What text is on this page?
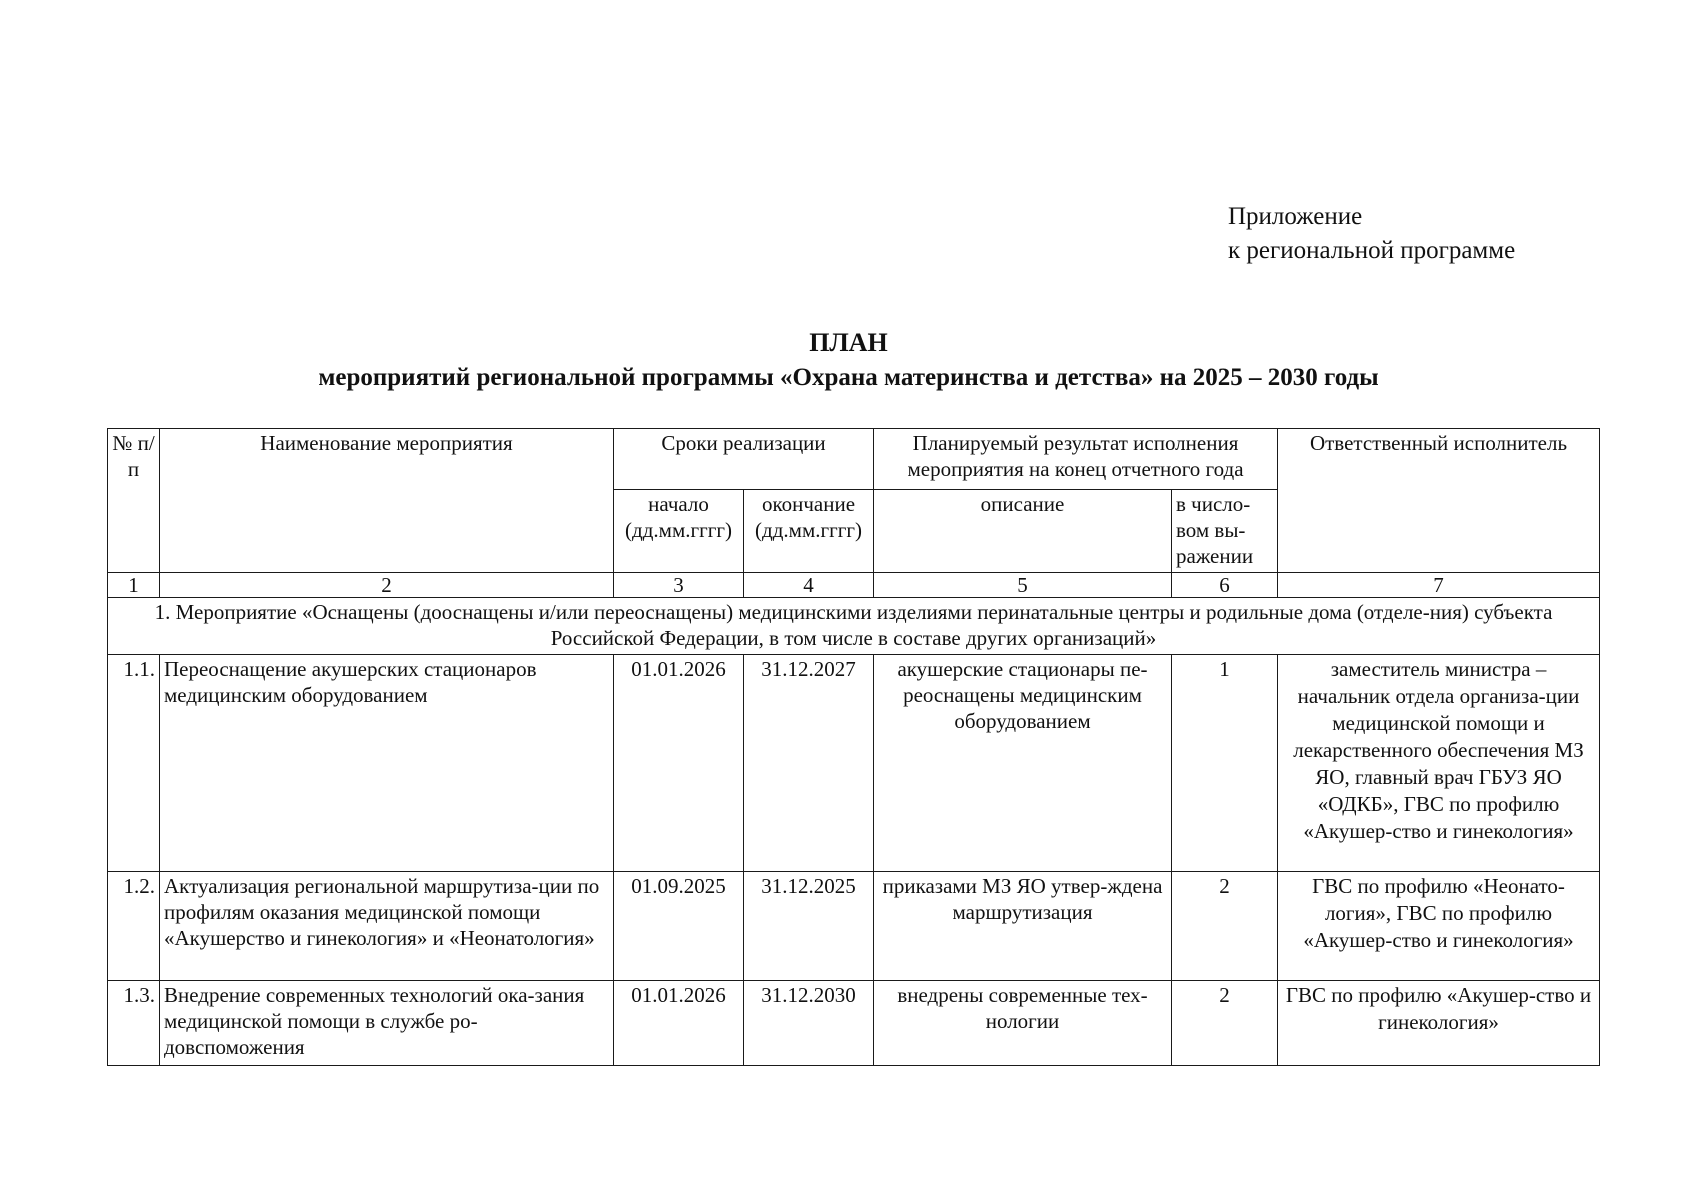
Приложение
к региональной программе
ПЛАН
мероприятий региональной программы «Охрана материнства и детства» на 2025 – 2030 годы
№ п/п	Наименование мероприятия	Сроки реализации		Планируемый результат исполнения мероприятия на конец отчетного года		Ответственный исполнитель
		начало (дд.мм.гггг)	окончание (дд.мм.гггг)	описание	в число-вом вы-ражении	
1	2	3	4	5	6	7
1. Мероприятие «Оснащены (дооснащены и/или переоснащены) медицинскими изделиями перинатальные центры и родильные дома (отделе-ния) субъекта Российской Федерации, в том числе в составе других организаций»						
1.1.	Переоснащение акушерских стационаров медицинским оборудованием	01.01.2026	31.12.2027	акушерские стационары пе-реоснащены медицинским оборудованием	1	заместитель министра – начальник отдела организа-ции медицинской помощи и лекарственного обеспечения МЗ ЯО, главный врач ГБУЗ ЯО «ОДКБ», ГВС по профилю «Акушер-ство и гинекология»
1.2.	Актуализация региональной маршрутиза-ции по профилям оказания медицинской помощи «Акушерство и гинекология» и «Неонатология»	01.09.2025	31.12.2025	приказами МЗ ЯО утвер-ждена маршрутизация	2	ГВС по профилю «Неонато-логия», ГВС по профилю «Акушер-ство и гинекология»
1.3.	Внедрение современных технологий ока-зания медицинской помощи в службе ро-довспоможения	01.01.2026	31.12.2030	внедрены современные тех-нологии	2	ГВС по профилю «Акушер-ство и гинекология»
